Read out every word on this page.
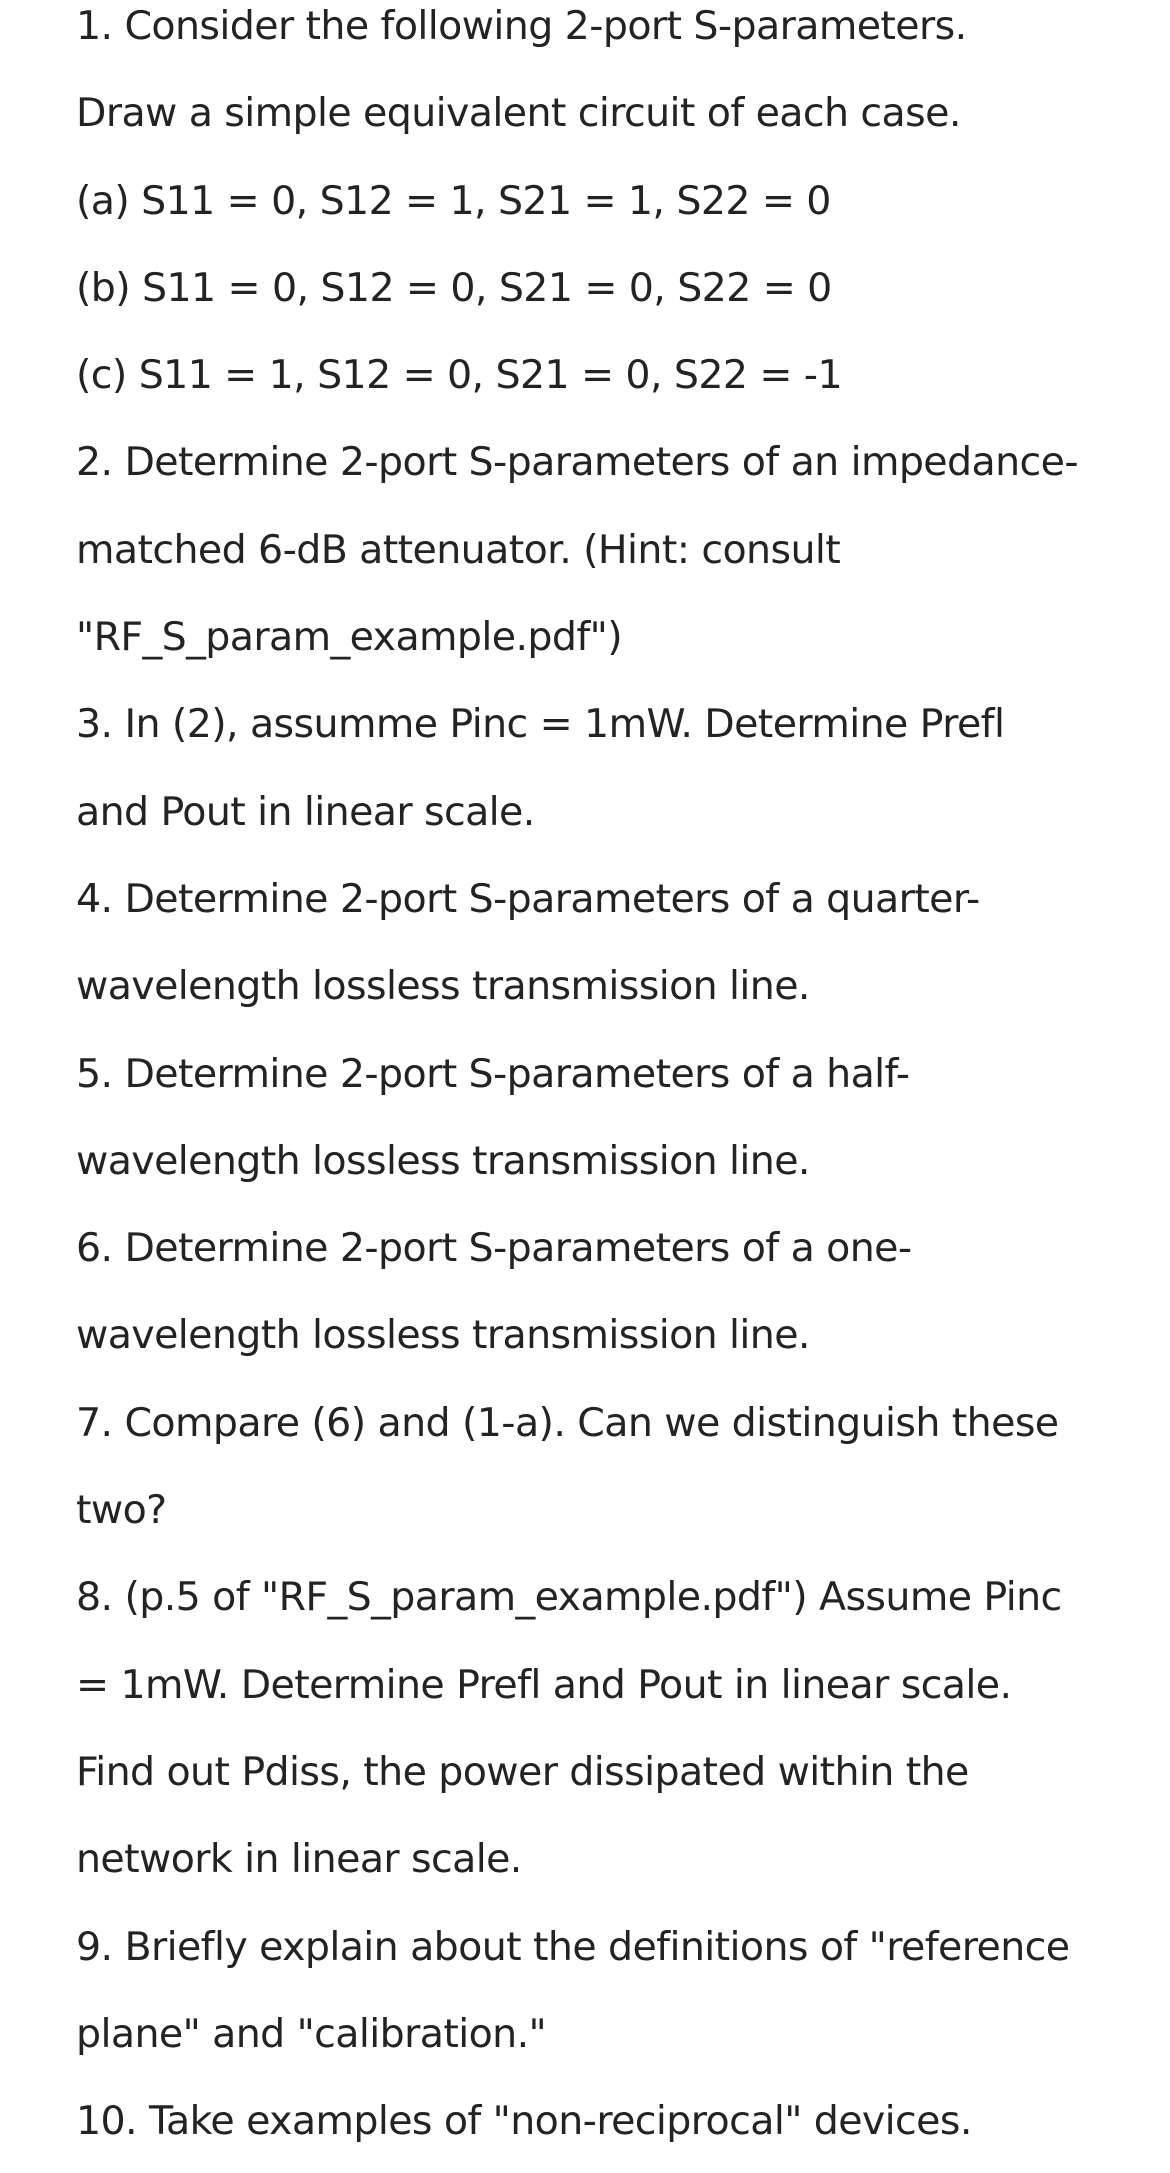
1. Consider the following 2-port S-parameters.
Draw a simple equivalent circuit of each case.
(a) S11 = 0, S12 = 1, S21 = 1, S22 = 0
(b) S11 = 0, S12 = 0, S21 = 0, S22 = 0
(c) S11 = 1, S12 = 0, S21 = 0, S22 = -1
2. Determine 2-port S-parameters of an impedance-
matched 6-dB attenuator. (Hint: consult
"RF_S_param_example.pdf")
3. In (2), assumme Pinc = 1mW. Determine Prefl
and Pout in linear scale.
4. Determine 2-port S-parameters of a quarter-
wavelength lossless transmission line.
5. Determine 2-port S-parameters of a half-
wavelength lossless transmission line.
6. Determine 2-port S-parameters of a one-
wavelength lossless transmission line.
7. Compare (6) and (1-a). Can we distinguish these
two?
8. (p.5 of "RF_S_param_example.pdf") Assume Pinc
= 1mW. Determine Prefl and Pout in linear scale.
Find out Pdiss, the power dissipated within the
network in linear scale.
9. Briefly explain about the definitions of "reference
plane" and "calibration."
10. Take examples of "non-reciprocal" devices.
